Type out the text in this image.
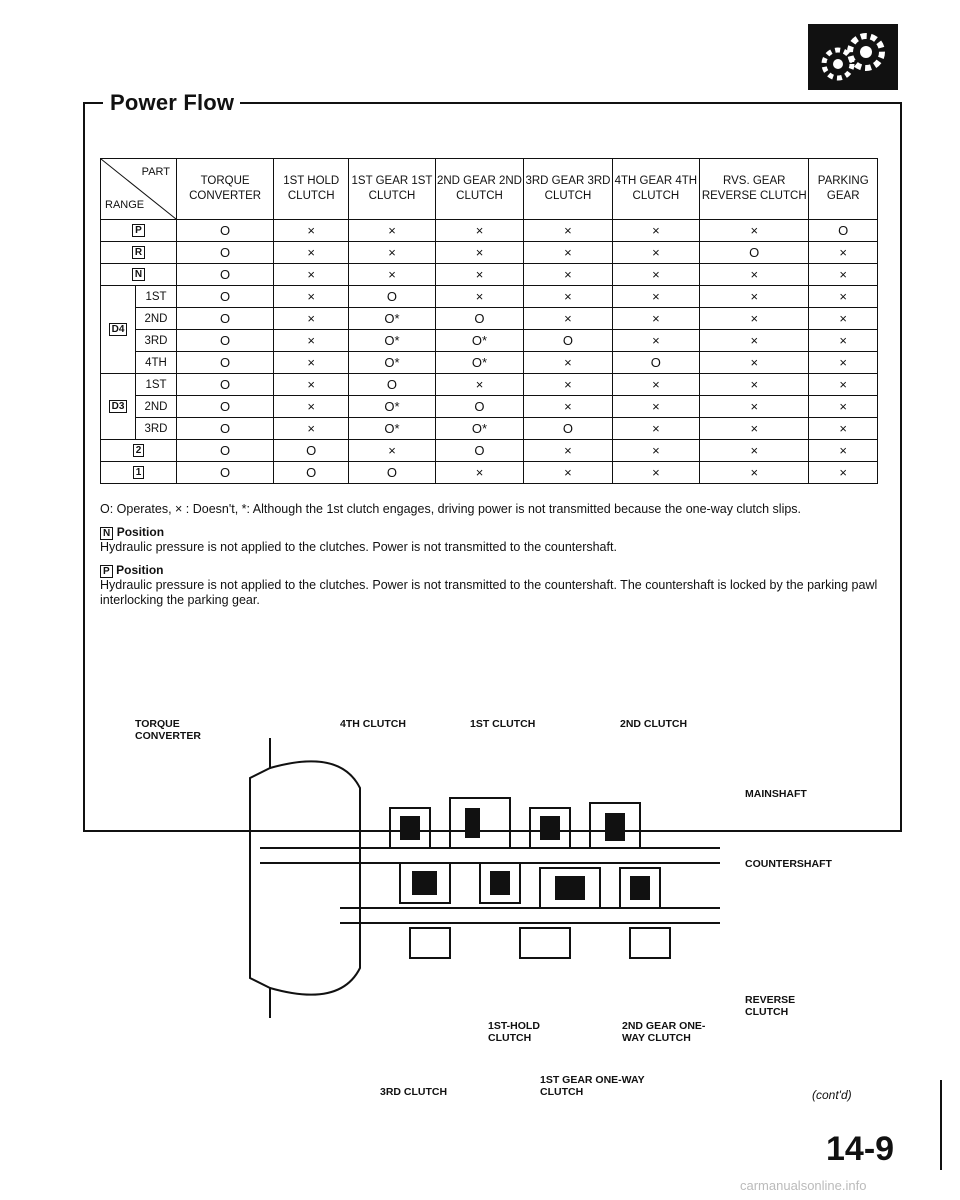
Power Flow
PART
RANGE		TORQUE CONVERTER	1ST HOLD CLUTCH	1ST GEAR 1ST CLUTCH	2ND GEAR 2ND CLUTCH	3RD GEAR 3RD CLUTCH	4TH GEAR 4TH CLUTCH	RVS. GEAR REVERSE CLUTCH	PARKING GEAR
P		O	×	×	×	×	×	×	O
R		O	×	×	×	×	×	O	×
N		O	×	×	×	×	×	×	×
D4	1ST	O	×	O	×	×	×	×	×
	2ND	O	×	O*	O	×	×	×	×
	3RD	O	×	O*	O*	O	×	×	×
	4TH	O	×	O*	O*	×	O	×	×
D3	1ST	O	×	O	×	×	×	×	×
	2ND	O	×	O*	O	×	×	×	×
	3RD	O	×	O*	O*	O	×	×	×
2		O	O	×	O	×	×	×	×
1		O	O	O	×	×	×	×	×

O: Operates, × : Doesn't, *: Although the 1st clutch engages, driving power is not transmitted because the one-way clutch slips.

N Position
Hydraulic pressure is not applied to the clutches. Power is not transmitted to the countershaft.

P Position
Hydraulic pressure is not applied to the clutches. Power is not transmitted to the countershaft. The countershaft is locked by the parking pawl interlocking the parking gear.

TORQUE CONVERTER
4TH CLUTCH	1ST CLUTCH	2ND CLUTCH
MAINSHAFT
COUNTERSHAFT
REVERSE CLUTCH
1ST-HOLD CLUTCH
2ND GEAR ONE-WAY CLUTCH
1ST GEAR ONE-WAY CLUTCH
3RD CLUTCH	(cont'd)
14-9
carmanualsonline.info
